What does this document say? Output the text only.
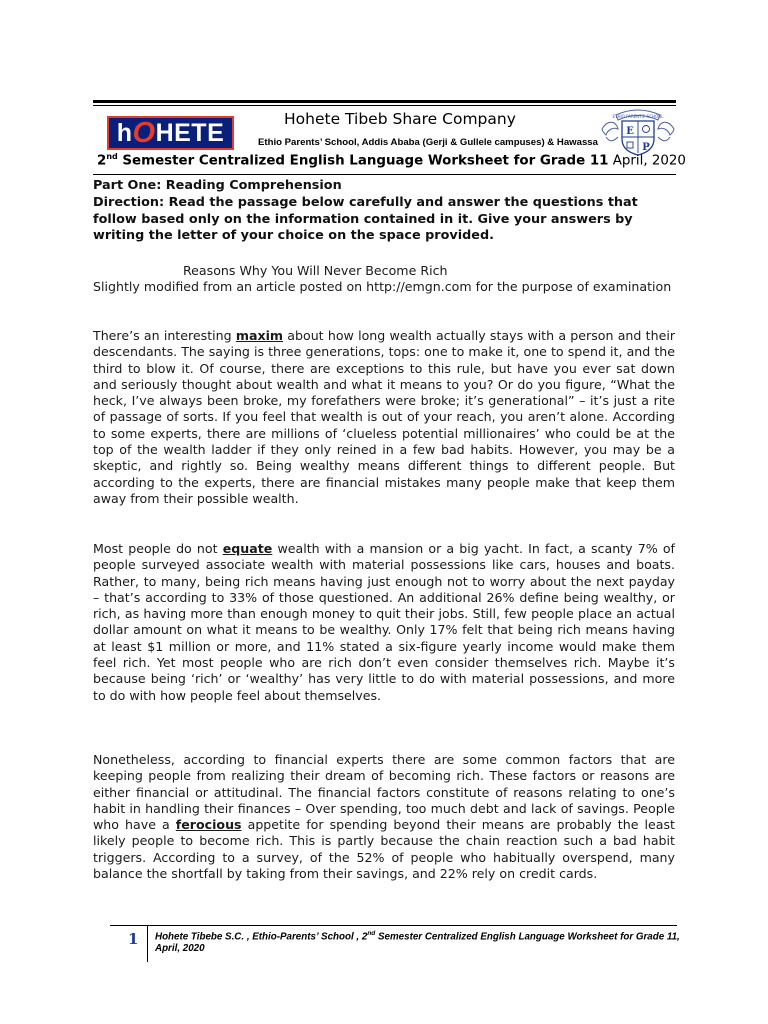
h O HETE	Hohete Tibeb Share Company
Ethio Parents’ School, Addis Ababa (Gerji & Gullele campuses) & Hawassa
ETHIO PARENTS' SCHOOL
E
P
2nd Semester Centralized English Language Worksheet for Grade 11 April, 2020
Part One: Reading Comprehension
Direction: Read the passage below carefully and answer the questions that follow based only on the information contained in it. Give your answers by writing the letter of your choice on the space provided.
Reasons Why You Will Never Become Rich
Slightly modified from an article posted on http://emgn.com for the purpose of examination
There’s an interesting maxim about how long wealth actually stays with a person and their descendants. The saying is three generations, tops: one to make it, one to spend it, and the third to blow it. Of course, there are exceptions to this rule, but have you ever sat down and seriously thought about wealth and what it means to you? Or do you figure, “What the heck, I’ve always been broke, my forefathers were broke; it’s generational” – it’s just a rite of passage of sorts. If you feel that wealth is out of your reach, you aren’t alone. According to some experts, there are millions of ‘clueless potential millionaires’ who could be at the top of the wealth ladder if they only reined in a few bad habits. However, you may be a skeptic, and rightly so. Being wealthy means different things to different people. But according to the experts, there are financial mistakes many people make that keep them away from their possible wealth.
Most people do not equate wealth with a mansion or a big yacht. In fact, a scanty 7% of people surveyed associate wealth with material possessions like cars, houses and boats. Rather, to many, being rich means having just enough not to worry about the next payday – that’s according to 33% of those questioned. An additional 26% define being wealthy, or rich, as having more than enough money to quit their jobs. Still, few people place an actual dollar amount on what it means to be wealthy. Only 17% felt that being rich means having at least $1 million or more, and 11% stated a six-figure yearly income would make them feel rich. Yet most people who are rich don’t even consider themselves rich. Maybe it’s because being ‘rich’ or ‘wealthy’ has very little to do with material possessions, and more to do with how people feel about themselves.
Nonetheless, according to financial experts there are some common factors that are keeping people from realizing their dream of becoming rich. These factors or reasons are either financial or attitudinal. The financial factors constitute of reasons relating to one’s habit in handling their finances – Over spending, too much debt and lack of savings. People who have a ferocious appetite for spending beyond their means are probably the least likely people to become rich. This is partly because the chain reaction such a bad habit triggers. According to a survey, of the 52% of people who habitually overspend, many balance the shortfall by taking from their savings, and 22% rely on credit cards.
1 Hohete Tibebe S.C. , Ethio-Parents’ School , 2nd Semester Centralized English Language Worksheet for Grade 11, April, 2020
